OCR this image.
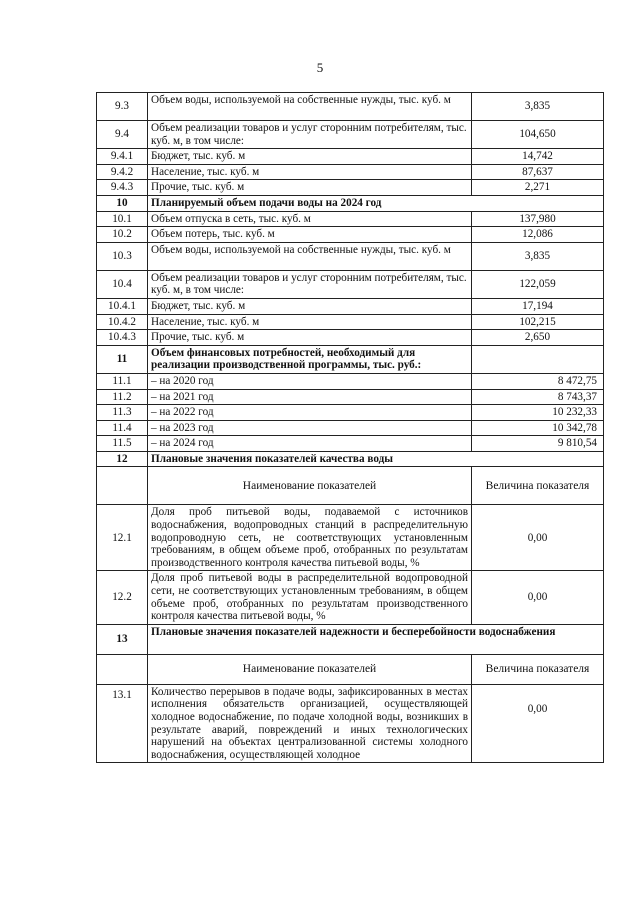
5
9.3	Объем воды, используемой на собственные нужды, тыс. куб. м	3,835
9.4	Объем реализации товаров и услуг сторонним потребителям, тыс. куб. м, в том числе:	104,650
9.4.1	Бюджет, тыс. куб. м	14,742
9.4.2	Население, тыс. куб. м	87,637
9.4.3	Прочие, тыс. куб. м	2,271
10	Планируемый объем подачи воды на 2024 год	
10.1	Объем отпуска в сеть, тыс. куб. м	137,980
10.2	Объем потерь, тыс. куб. м	12,086
10.3	Объем воды, используемой на собственные нужды, тыс. куб. м	3,835
10.4	Объем реализации товаров и услуг сторонним потребителям, тыс. куб. м, в том числе:	122,059
10.4.1	Бюджет, тыс. куб. м	17,194
10.4.2	Население, тыс. куб. м	102,215
10.4.3	Прочие, тыс. куб. м	2,650
11	Объем финансовых потребностей, необходимый для реализации производственной программы, тыс. руб.:	
11.1	– на 2020 год	8 472,75
11.2	– на 2021 год	8 743,37
11.3	– на 2022 год	10 232,33
11.4	– на 2023 год	10 342,78
11.5	– на 2024 год	9 810,54
12	Плановые значения показателей качества воды	
	Наименование показателей	Величина показателя
12.1	Доля проб питьевой воды, подаваемой с источников водоснабжения, водопроводных станций в распределительную водопроводную сеть, не соответствующих установленным требованиям, в общем объеме проб, отобранных по результатам производственного контроля качества питьевой воды, %	0,00
12.2	Доля проб питьевой воды в распределительной водопроводной сети, не соответствующих установленным требованиям, в общем объеме проб, отобранных по результатам производственного контроля качества питьевой воды, %	0,00
13	Плановые значения показателей надежности и бесперебойности водоснабжения	
	Наименование показателей	Величина показателя
13.1	Количество перерывов в подаче воды, зафиксированных в местах исполнения обязательств организацией, осуществляющей холодное водоснабжение, по подаче холодной воды, возникших в результате аварий, повреждений и иных технологических нарушений на объектах централизованной системы холодного водоснабжения, осуществляющей холодное	0,00
